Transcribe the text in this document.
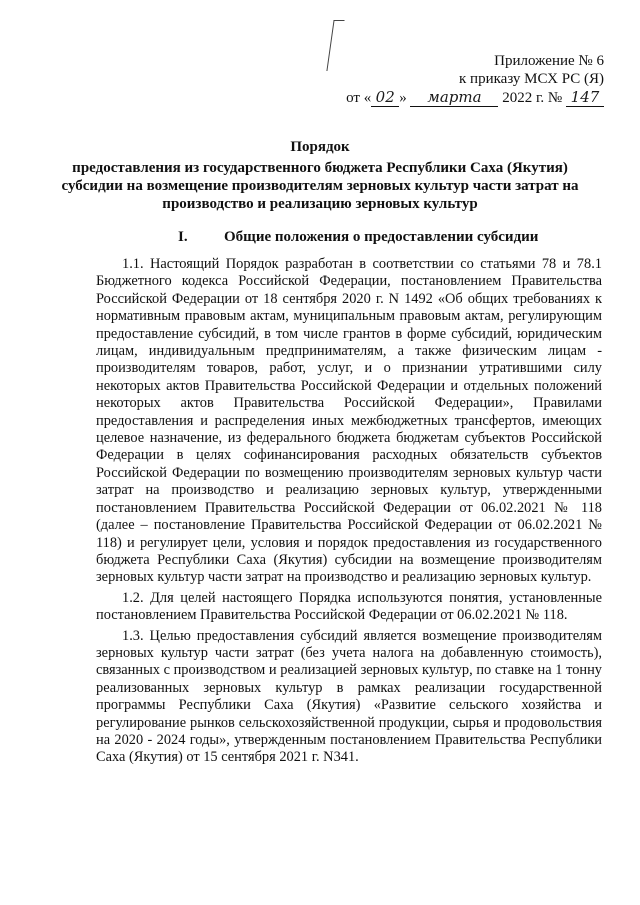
Приложение № 6
к приказу МСХ РС (Я)
от « 02 » марта 2022 г. № 147
Порядок
предоставления из государственного бюджета Республики Саха (Якутия) субсидии на возмещение производителям зерновых культур части затрат на производство и реализацию зерновых культур
I. Общие положения о предоставлении субсидии

1.1. Настоящий Порядок разработан в соответствии со статьями 78 и 78.1 Бюджетного кодекса Российской Федерации, постановлением Правительства Российской Федерации от 18 сентября 2020 г. N 1492 «Об общих требованиях к нормативным правовым актам, муниципальным правовым актам, регулирующим предоставление субсидий, в том числе грантов в форме субсидий, юридическим лицам, индивидуальным предпринимателям, а также физическим лицам - производителям товаров, работ, услуг, и о признании утратившими силу некоторых актов Правительства Российской Федерации и отдельных положений некоторых актов Правительства Российской Федерации», Правилами предоставления и распределения иных межбюджетных трансфертов, имеющих целевое назначение, из федерального бюджета бюджетам субъектов Российской Федерации в целях софинансирования расходных обязательств субъектов Российской Федерации по возмещению производителям зерновых культур части затрат на производство и реализацию зерновых культур, утвержденными постановлением Правительства Российской Федерации от 06.02.2021 № 118 (далее – постановление Правительства Российской Федерации от 06.02.2021 № 118) и регулирует цели, условия и порядок предоставления из государственного бюджета Республики Саха (Якутия) субсидии на возмещение производителям зерновых культур части затрат на производство и реализацию зерновых культур.

1.2. Для целей настоящего Порядка используются понятия, установленные постановлением Правительства Российской Федерации от 06.02.2021 № 118.

1.3. Целью предоставления субсидий является возмещение производителям зерновых культур части затрат (без учета налога на добавленную стоимость), связанных с производством и реализацией зерновых культур, по ставке на 1 тонну реализованных зерновых культур в рамках реализации государственной программы Республики Саха (Якутия) «Развитие сельского хозяйства и регулирование рынков сельскохозяйственной продукции, сырья и продовольствия на 2020 - 2024 годы», утвержденным постановлением Правительства Республики Саха (Якутия) от 15 сентября 2021 г. N341.
